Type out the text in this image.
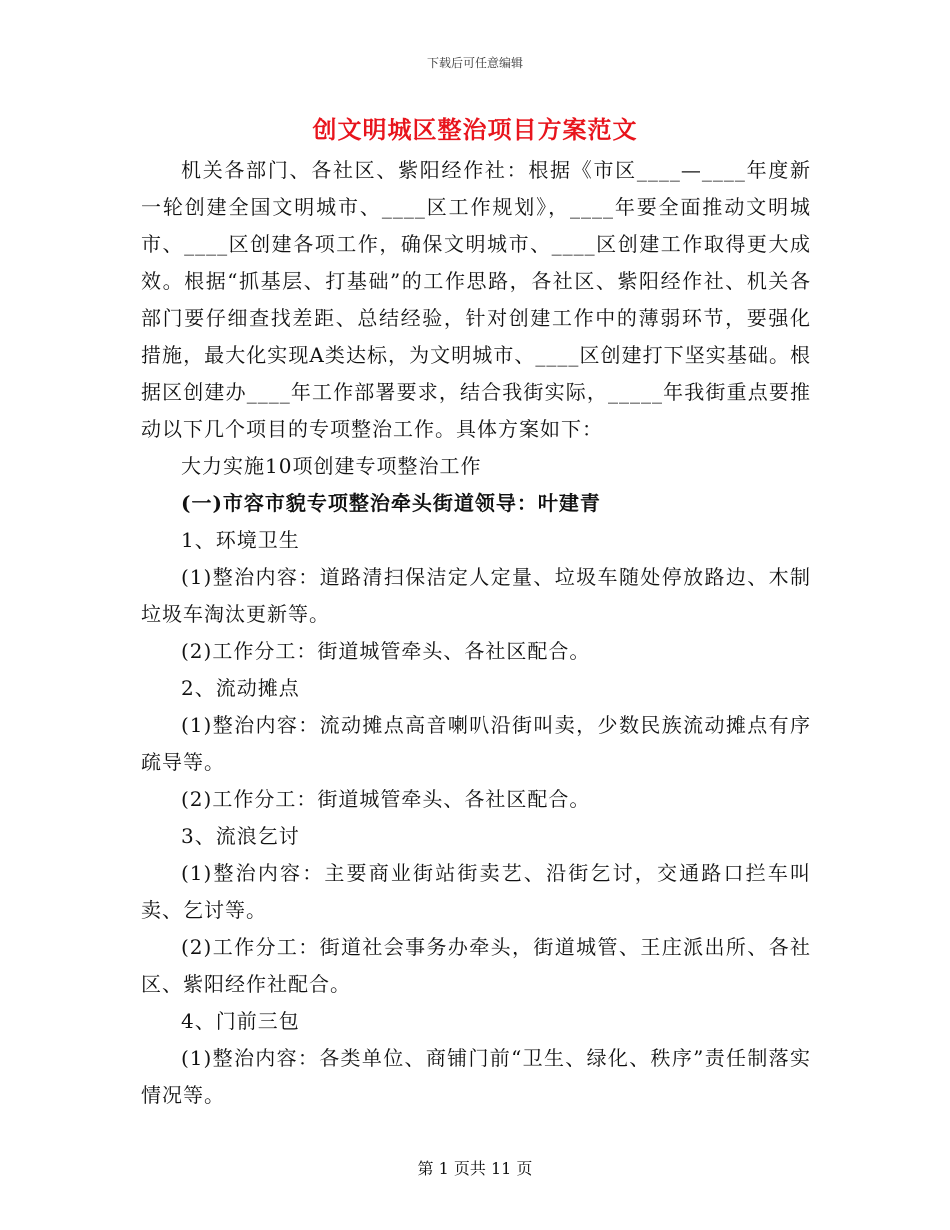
下载后可任意编辑
创文明城区整治项目方案范文

机关各部门、各社区、紫阳经作社：根据《市区____—____年度新一轮创建全国文明城市、____区工作规划》，____年要全面推动文明城市、____区创建各项工作，确保文明城市、____区创建工作取得更大成效。根据“抓基层、打基础”的工作思路，各社区、紫阳经作社、机关各部门要仔细查找差距、总结经验，针对创建工作中的薄弱环节，要强化措施，最大化实现A类达标，为文明城市、____区创建打下坚实基础。根据区创建办____年工作部署要求，结合我街实际，_____年我街重点要推动以下几个项目的专项整治工作。具体方案如下：

大力实施10项创建专项整治工作

(一)市容市貌专项整治牵头街道领导：叶建青

1、环境卫生

(1)整治内容：道路清扫保洁定人定量、垃圾车随处停放路边、木制垃圾车淘汰更新等。

(2)工作分工：街道城管牵头、各社区配合。

2、流动摊点

(1)整治内容：流动摊点高音喇叭沿街叫卖，少数民族流动摊点有序疏导等。

(2)工作分工：街道城管牵头、各社区配合。

3、流浪乞讨

(1)整治内容：主要商业街站街卖艺、沿街乞讨，交通路口拦车叫卖、乞讨等。

(2)工作分工：街道社会事务办牵头，街道城管、王庄派出所、各社区、紫阳经作社配合。

4、门前三包

(1)整治内容：各类单位、商铺门前“卫生、绿化、秩序”责任制落实情况等。

第 1 页共 11 页
